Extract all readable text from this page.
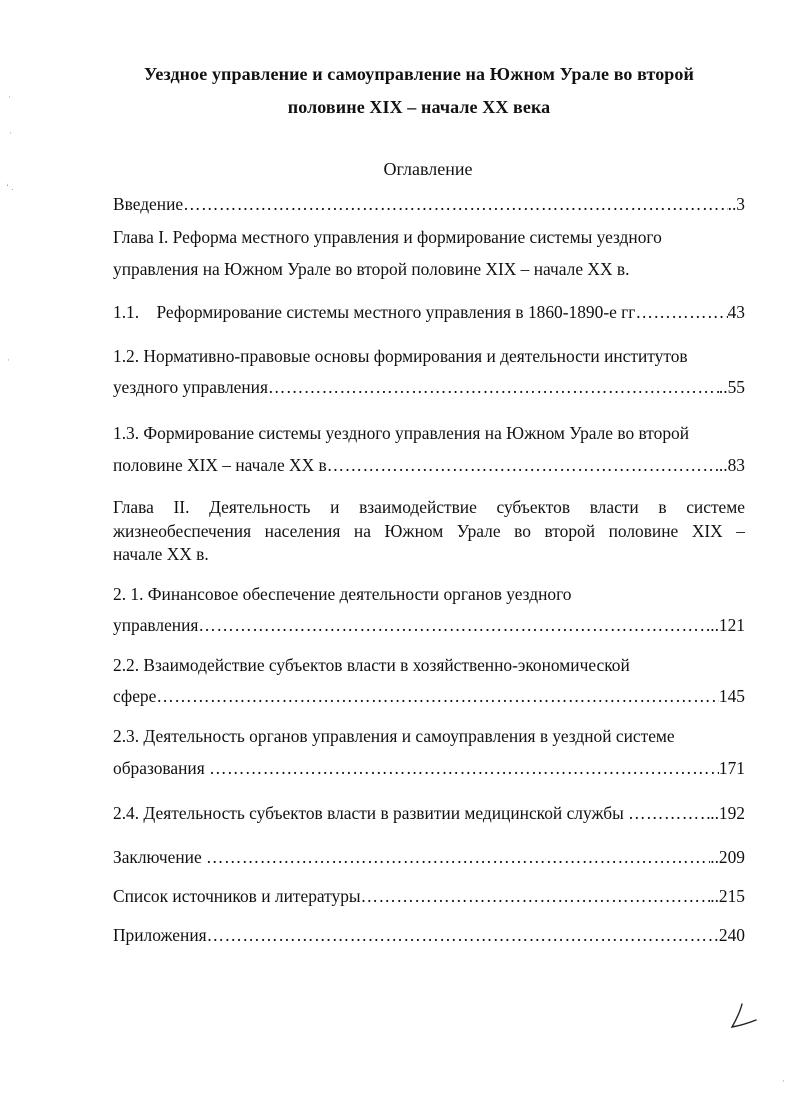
Уездное управление и самоуправление на Южном Урале во второй
половине XIX – начале XX века
Оглавление
Введение ……………………………………………………………………………………………………………………………………………………………………………………	..3
Глава I. Реформа местного управления и формирование системы уездного
управления на Южном Урале во второй половине XIX – начале XX в.
1.1.    Реформирование системы местного управления в 1860-1890-е гг ……………………………………………………………………………………………………………………………………………………………………………………	43
1.2. Нормативно-правовые основы формирования и деятельности институтов
уездного управления ……………………………………………………………………………………………………………………………………………………………………………………	..55
1.3. Формирование системы уездного управления на Южном Урале во второй
половине XIX – начале XX в ……………………………………………………………………………………………………………………………………………………………………………………	..83
Глава II. Деятельность и взаимодействие субъектов власти в системе
жизнеобеспечения населения на Южном Урале во второй половине XIX –
начале XX в.
2. 1. Финансовое обеспечение деятельности органов уездного
управления ……………………………………………………………………………………………………………………………………………………………………………………	..121
2.2. Взаимодействие субъектов власти в хозяйственно-экономической
сфере ……………………………………………………………………………………………………………………………………………………………………………………	145
2.3. Деятельность органов управления и самоуправления в уездной системе
образования ……………………………………………………………………………………………………………………………………………………………………………………	171
2.4. Деятельность субъектов власти в развитии медицинской службы ……………………………………………………………………………………………………………………………………………………………………………………	..192
Заключение ……………………………………………………………………………………………………………………………………………………………………………………	..209
Список источников и литературы ……………………………………………………………………………………………………………………………………………………………………………………	..215
Приложения ……………………………………………………………………………………………………………………………………………………………………………………	240
·
·
‘ .
·
·
